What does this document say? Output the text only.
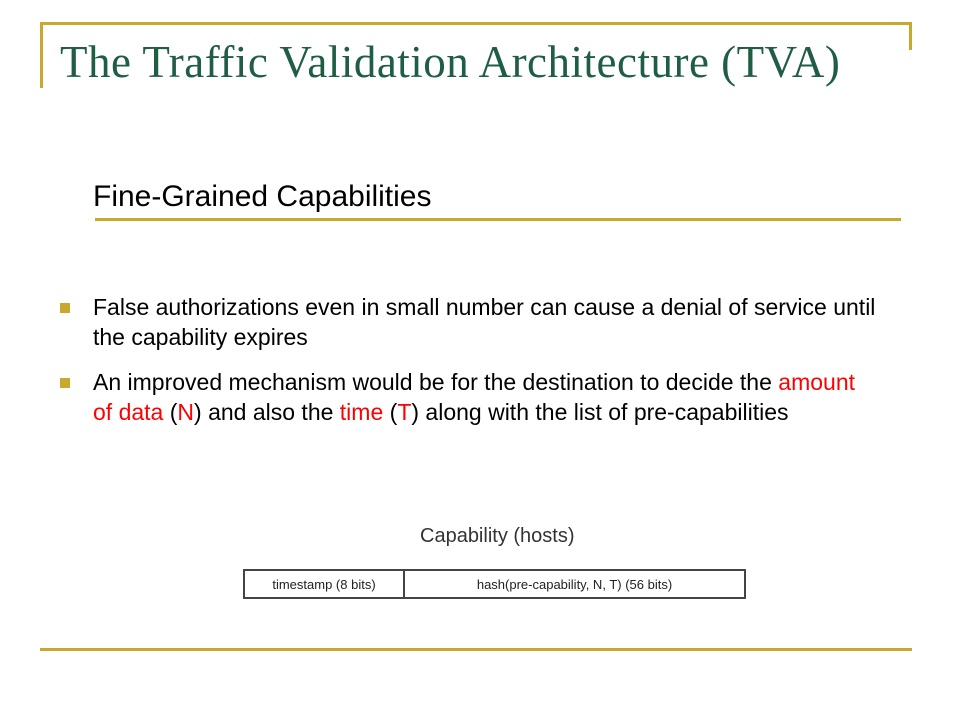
The Traffic Validation Architecture (TVA)
Fine-Grained Capabilities
False authorizations even in small number can cause a denial of service until the capability expires
An improved mechanism would be for the destination to decide the amount of data (N) and also the time (T) along with the list of pre-capabilities
Capability (hosts)
timestamp (8 bits)	hash(pre-capability, N, T) (56 bits)
